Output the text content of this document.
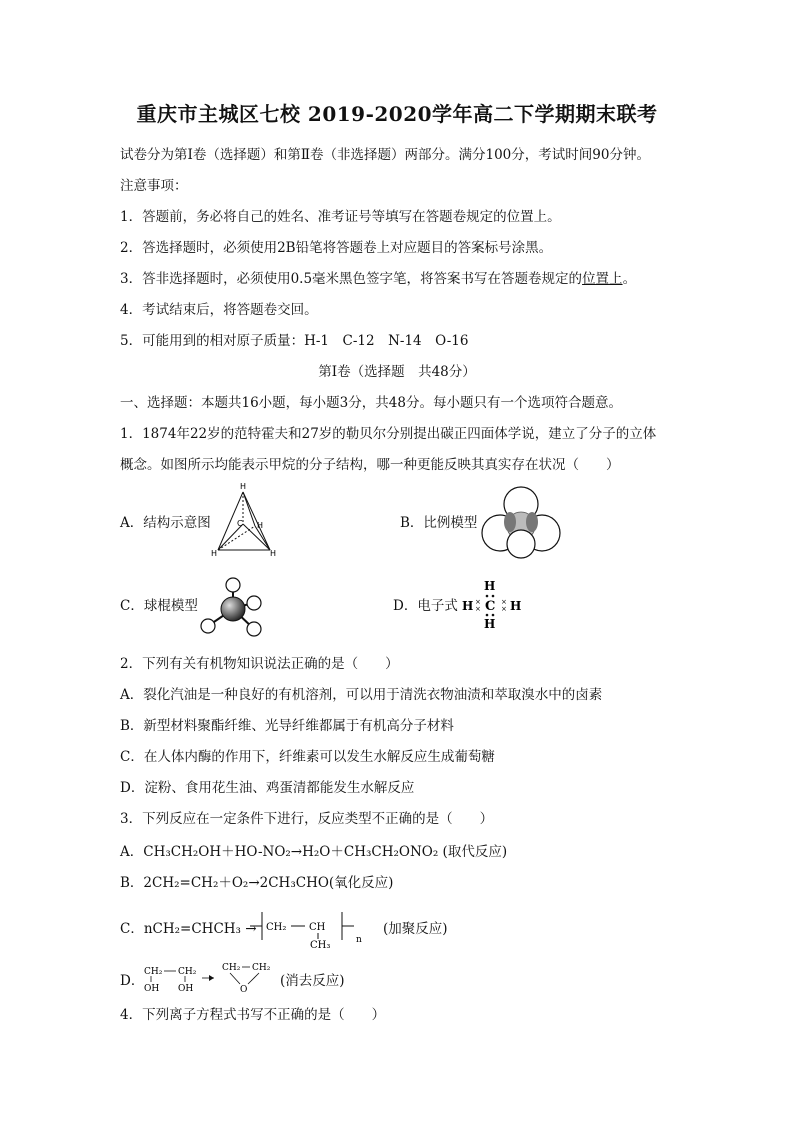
重庆市主城区七校 2019-2020学年高二下学期期末联考
试卷分为第Ⅰ卷（选择题）和第Ⅱ卷（非选择题）两部分。满分100分，考试时间90分钟。
注意事项：
1．答题前，务必将自己的姓名、准考证号等填写在答题卷规定的位置上。
2．答选择题时，必须使用2B铅笔将答题卷上对应题目的答案标号涂黑。
3．答非选择题时，必须使用0.5毫米黑色签字笔，将答案书写在答题卷规定的位置上。
4．考试结束后，将答题卷交回。
5．可能用到的相对原子质量：H-1　C-12　N-14　O-16
第Ⅰ卷（选择题　共48分）
一、选择题：本题共16小题，每小题3分，共48分。每小题只有一个选项符合题意。
1．1874年22岁的范特霍夫和27岁的勒贝尔分别提出碳正四面体学说，建立了分子的立体
概念。如图所示均能表示甲烷的分子结构，哪一种更能反映其真实存在状况（　　）
A．结构示意图
H
C H
H	H
B．比例模型
C．球棍模型	D．电子式
H
H C H
H
×
×
×
×
2．下列有关有机物知识说法正确的是（　　）
A．裂化汽油是一种良好的有机溶剂，可以用于清洗衣物油渍和萃取溴水中的卤素
B．新型材料聚酯纤维、光导纤维都属于有机高分子材料
C．在人体内酶的作用下，纤维素可以发生水解反应生成葡萄糖
D．淀粉、食用花生油、鸡蛋清都能发生水解反应
3．下列反应在一定条件下进行，反应类型不正确的是（　　）
A．CH₃CH₂OH＋HO-NO₂→H₂O＋CH₃CH₂ONO₂ (取代反应)
B．2CH₂=CH₂＋O₂→2CH₃CHO(氧化反应)
C．nCH₂=CHCH₃ → CH₂ CH
CH₃	n
(加聚反应)
D．
CH₂ CH₂
OH OH
CH₂ CH₂
O
(消去反应)
4．下列离子方程式书写不正确的是（　　）
